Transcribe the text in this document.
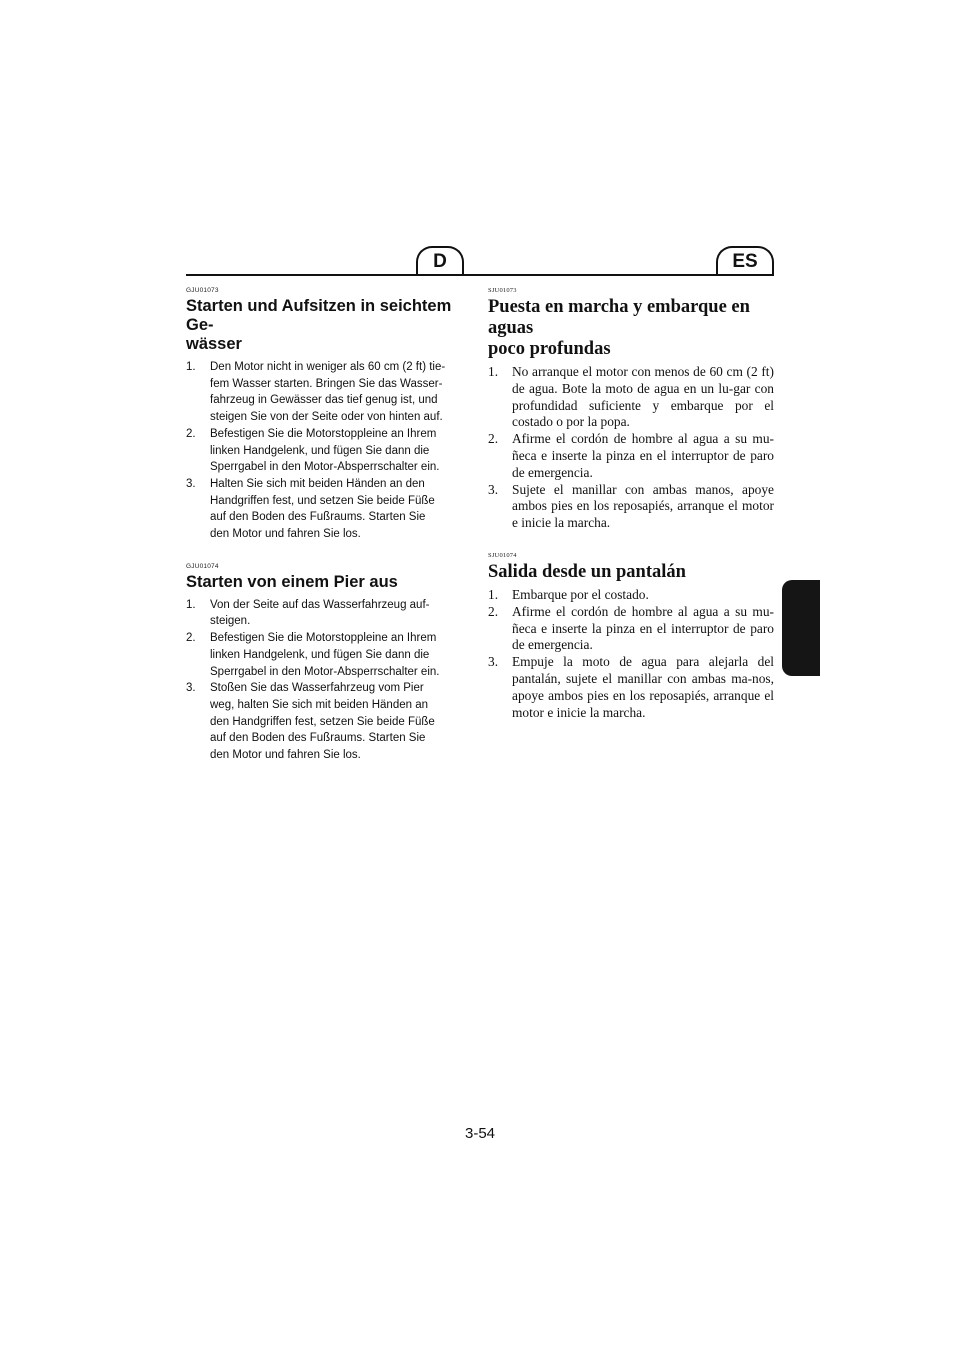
D	ES
GJU01073
Starten und Aufsitzen in seichtem Ge-
wässer
1. Den Motor nicht in weniger als 60 cm (2 ft) tie-
fem Wasser starten. Bringen Sie das Wasser-
fahrzeug in Gewässer das tief genug ist, und
steigen Sie von der Seite oder von hinten auf.
2. Befestigen Sie die Motorstoppleine an Ihrem
linken Handgelenk, und fügen Sie dann die
Sperrgabel in den Motor-Absperrschalter ein.
3. Halten Sie sich mit beiden Händen an den
Handgriffen fest, und setzen Sie beide Füße
auf den Boden des Fußraums. Starten Sie
den Motor und fahren Sie los.
GJU01074
Starten von einem Pier aus
1. Von der Seite auf das Wasserfahrzeug auf-
steigen.
2. Befestigen Sie die Motorstoppleine an Ihrem
linken Handgelenk, und fügen Sie dann die
Sperrgabel in den Motor-Absperrschalter ein.
3. Stoßen Sie das Wasserfahrzeug vom Pier
weg, halten Sie sich mit beiden Händen an
den Handgriffen fest, setzen Sie beide Füße
auf den Boden des Fußraums. Starten Sie
den Motor und fahren Sie los.
SJU01073
Puesta en marcha y embarque en aguas
poco profundas
1. No arranque el motor con menos de 60 cm (2 ft) de agua. Bote la moto de agua en un lu-gar con profundidad suficiente y embarque por el costado o por la popa.
2. Afirme el cordón de hombre al agua a su mu-ñeca e inserte la pinza en el interruptor de paro de emergencia.
3. Sujete el manillar con ambas manos, apoye ambos pies en los reposapiés, arranque el motor e inicie la marcha.
SJU01074
Salida desde un pantalán
1. Embarque por el costado.
2. Afirme el cordón de hombre al agua a su mu-ñeca e inserte la pinza en el interruptor de paro de emergencia.
3. Empuje la moto de agua para alejarla del pantalán, sujete el manillar con ambas ma-nos, apoye ambos pies en los reposapiés, arranque el motor e inicie la marcha.
3-54
